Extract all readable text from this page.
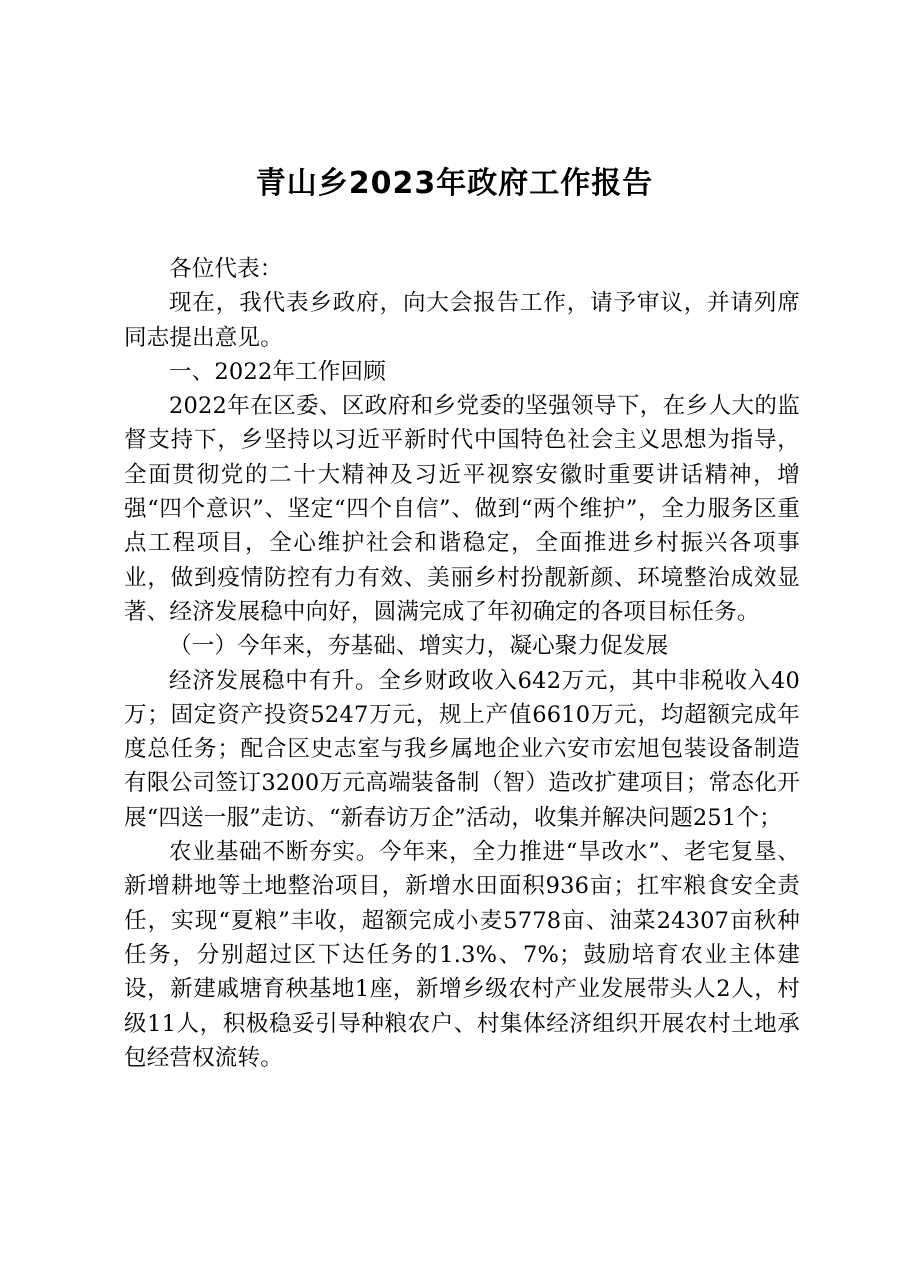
青山乡2023年政府工作报告

各位代表：

现在，我代表乡政府，向大会报告工作，请予审议，并请列席同志提出意见。

一、2022年工作回顾

2022年在区委、区政府和乡党委的坚强领导下，在乡人大的监督支持下，乡坚持以习近平新时代中国特色社会主义思想为指导，全面贯彻党的二十大精神及习近平视察安徽时重要讲话精神，增强“四个意识”、坚定“四个自信”、做到“两个维护”，全力服务区重点工程项目，全心维护社会和谐稳定，全面推进乡村振兴各项事业，做到疫情防控有力有效、美丽乡村扮靓新颜、环境整治成效显著、经济发展稳中向好，圆满完成了年初确定的各项目标任务。

（一）今年来，夯基础、增实力，凝心聚力促发展

经济发展稳中有升。全乡财政收入642万元，其中非税收入40万；固定资产投资5247万元，规上产值6610万元，均超额完成年度总任务；配合区史志室与我乡属地企业六安市宏旭包装设备制造有限公司签订3200万元高端装备制（智）造改扩建项目；常态化开展“四送一服”走访、“新春访万企”活动，收集并解决问题251个；

农业基础不断夯实。今年来，全力推进“旱改水”、老宅复垦、新增耕地等土地整治项目，新增水田面积936亩；扛牢粮食安全责任，实现“夏粮”丰收，超额完成小麦5778亩、油菜24307亩秋种任务，分别超过区下达任务的1.3%、7%；鼓励培育农业主体建设，新建戚塘育秧基地1座，新增乡级农村产业发展带头人2人，村级11人，积极稳妥引导种粮农户、村集体经济组织开展农村土地承包经营权流转。
